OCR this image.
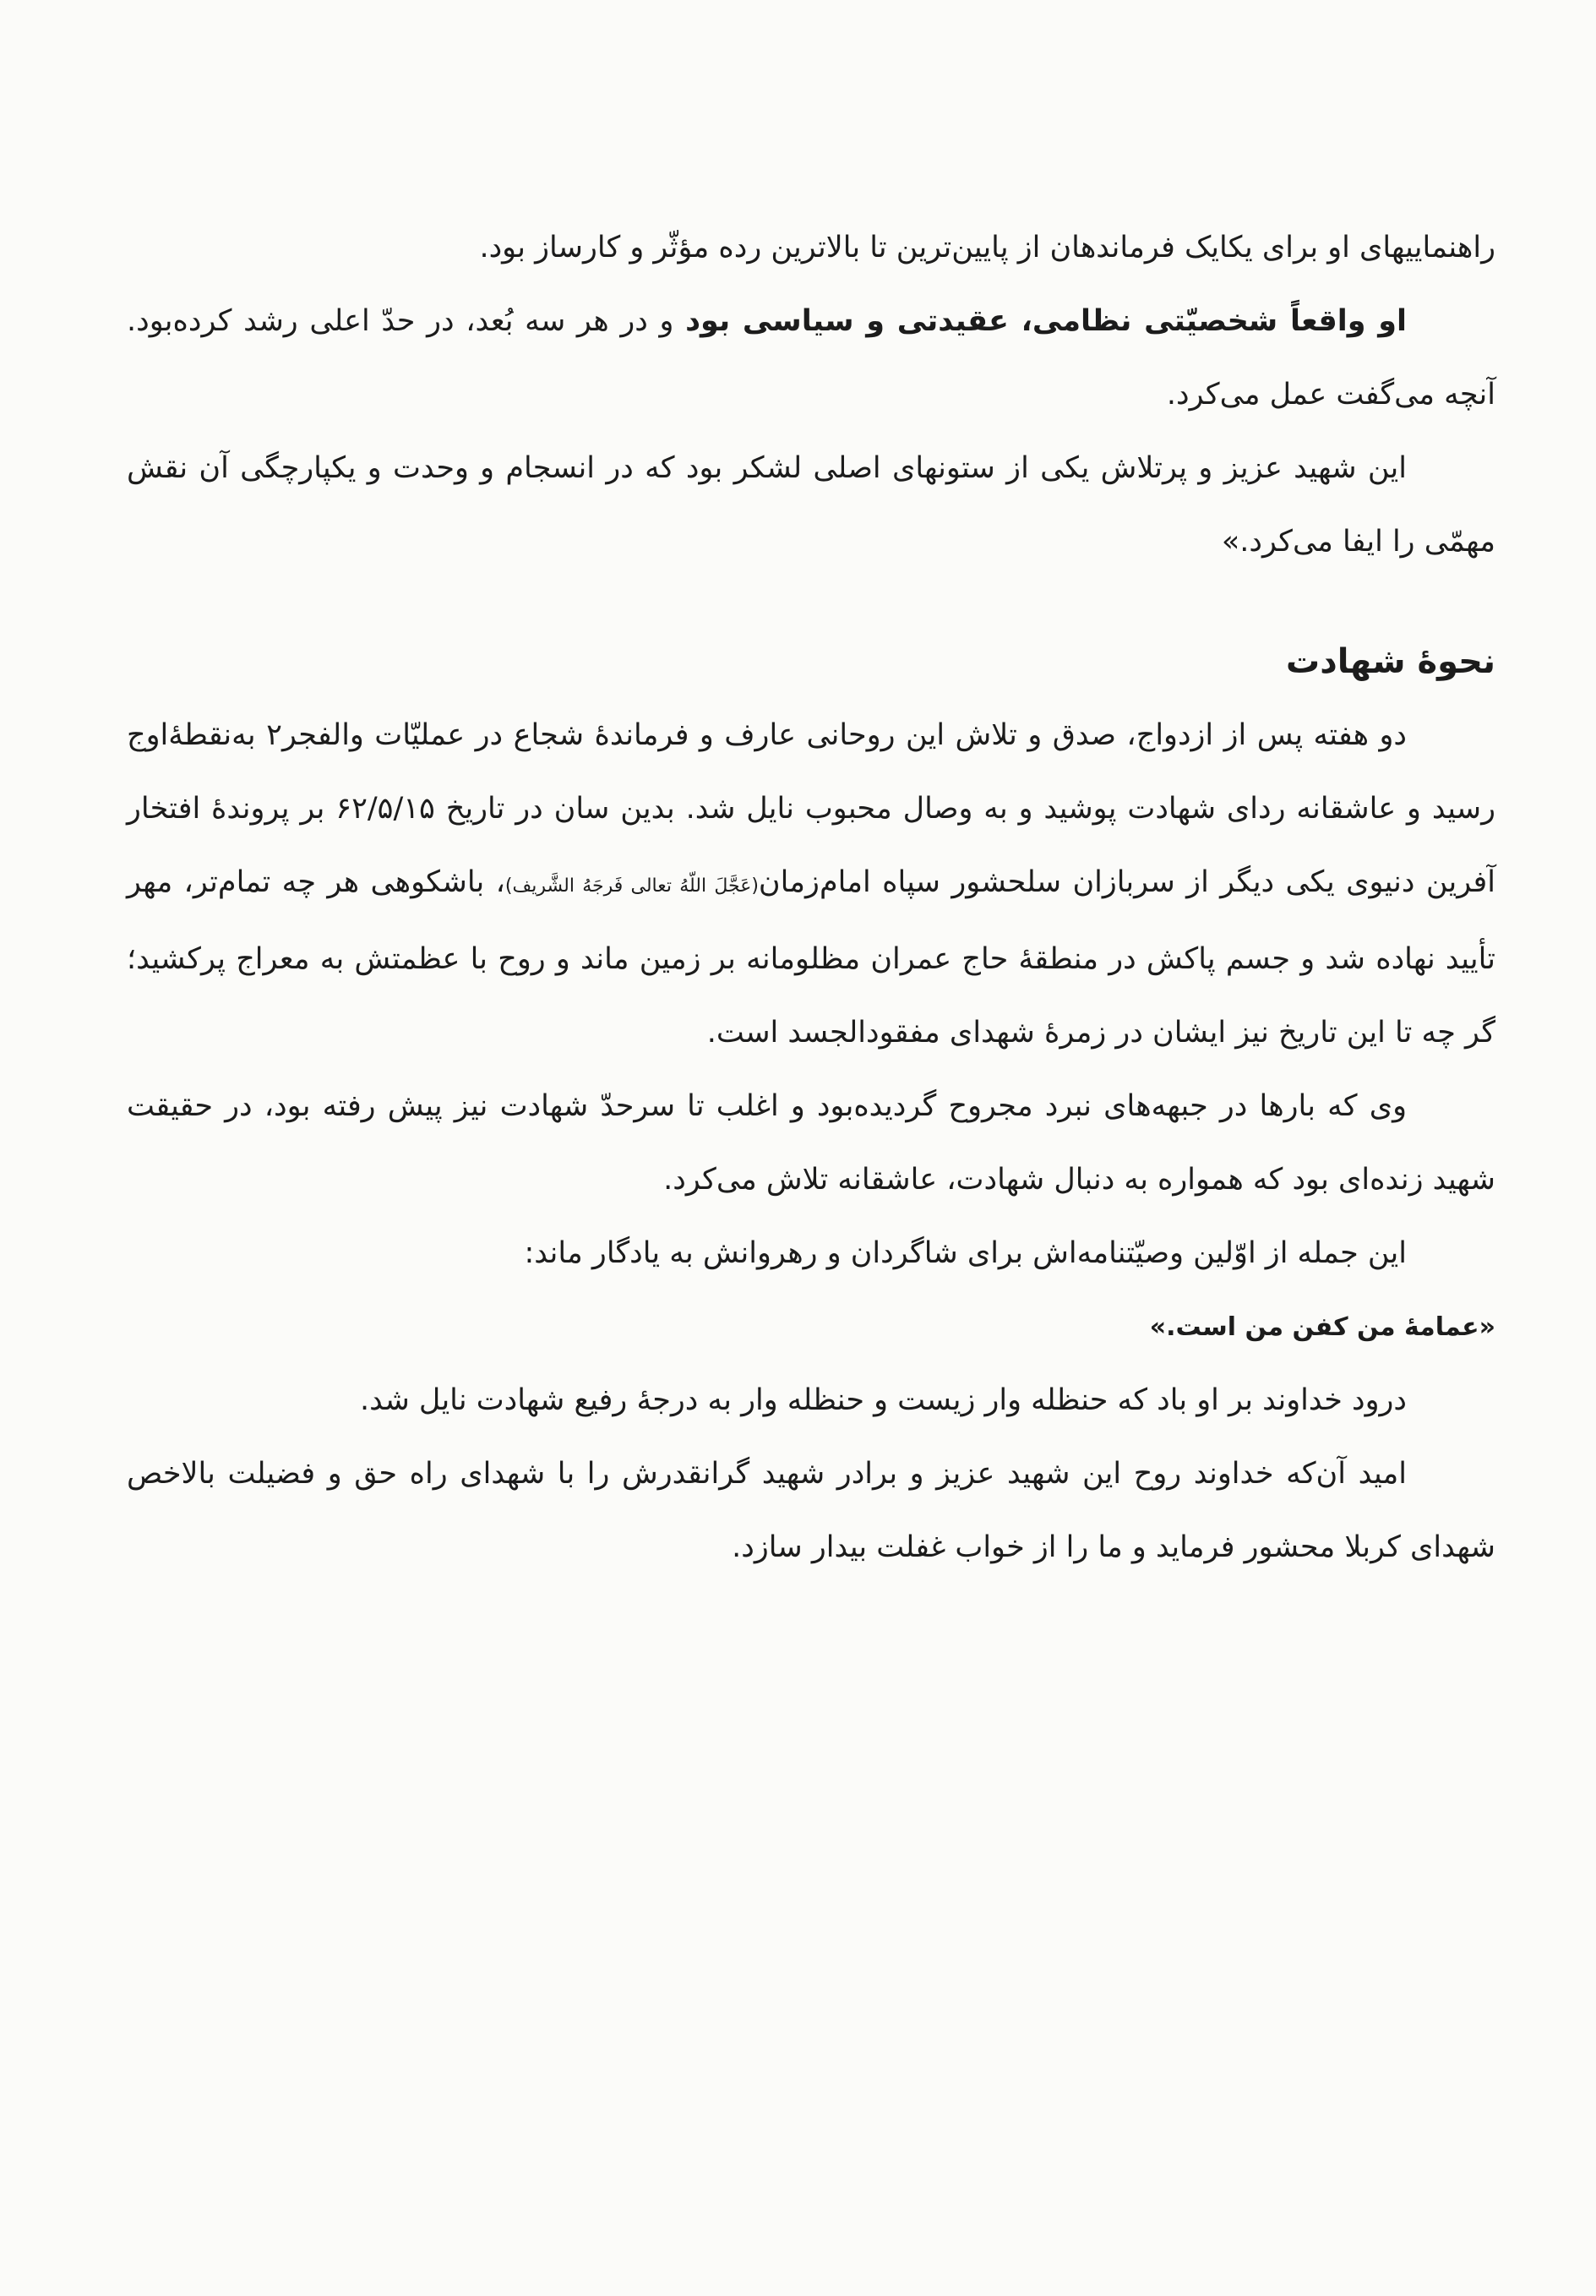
راهنماییهای او برای یکایک فرماندهان از پایین‌ترین تا بالاترین رده مؤثّر و کارساز بود.

او واقعاً شخصیّتی نظامی، عقیدتی و سیاسی بود و در هر سه بُعد، در حدّ اعلی رشد کرده‌بود. آنچه می‌گفت عمل می‌کرد.

این شهید عزیز و پرتلاش یکی از ستونهای اصلی لشکر بود که در انسجام و وحدت و یکپارچگی آن نقش مهمّی را ایفا می‌کرد.»

نحوهٔ شهادت

دو هفته پس از ازدواج، صدق و تلاش این روحانی عارف و فرماندهٔ شجاع در عملیّات والفجر۲ به‌نقطهٔ‌اوج رسید و عاشقانه ردای شهادت پوشید و به وصال محبوب نایل شد. بدین سان در تاریخ ۶۲/۵/۱۵ بر پروندهٔ افتخار آفرین دنیوی یکی دیگر از سربازان سلحشور سپاه امام‌زمان(عَجَّلَ اللّهُ تعالی فَرجَهُ الشَّریف)، باشکوهی هر چه تمام‌تر، مهر تأیید نهاده شد و جسم پاکش در منطقهٔ حاج عمران مظلومانه بر زمین ماند و روح با عظمتش به معراج پرکشید؛ گر چه تا این تاریخ نیز ایشان در زمرهٔ شهدای مفقودالجسد است.

وی که بارها در جبهه‌های نبرد مجروح گردیده‌بود و اغلب تا سرحدّ شهادت نیز پیش رفته بود، در حقیقت شهید زنده‌ای بود که همواره به دنبال شهادت، عاشقانه تلاش می‌کرد.

این جمله از اوّلین وصیّتنامه‌اش برای شاگردان و رهروانش به یادگار ماند:

«عمامهٔ من کفن من است.»

درود خداوند بر او باد که حنظله وار زیست و حنظله وار به درجهٔ رفیع شهادت نایل شد.

امید آن‌که خداوند روح این شهید عزیز و برادر شهید گرانقدرش را با شهدای راه حق و فضیلت بالاخص شهدای کربلا محشور فرماید و ما را از خواب غفلت بیدار سازد.
